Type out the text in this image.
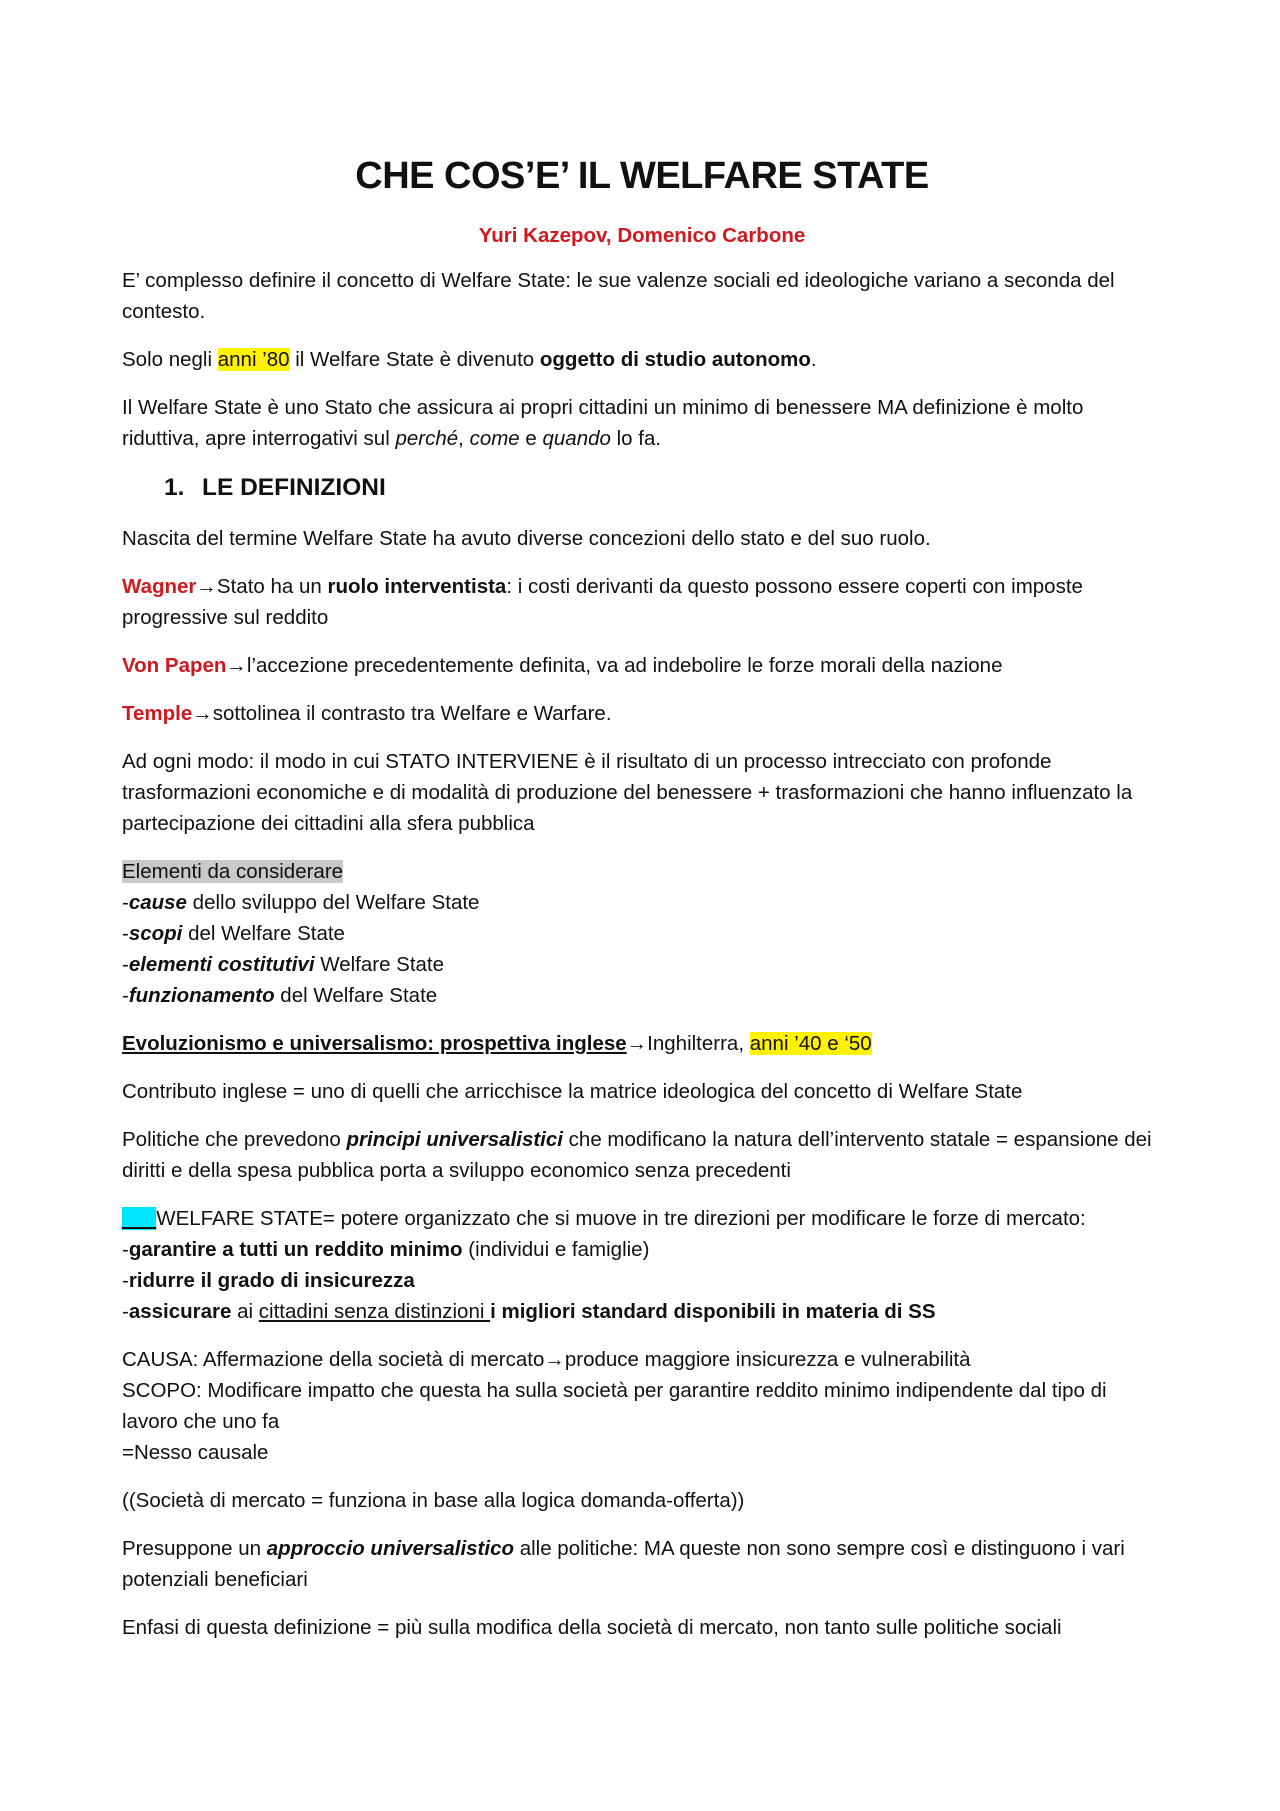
CHE COS’E’ IL WELFARE STATE

Yuri Kazepov, Domenico Carbone

E’ complesso definire il concetto di Welfare State: le sue valenze sociali ed ideologiche variano a seconda del contesto.

Solo negli anni ’80 il Welfare State è divenuto oggetto di studio autonomo.

Il Welfare State è uno Stato che assicura ai propri cittadini un minimo di benessere MA definizione è molto riduttiva, apre interrogativi sul perché, come e quando lo fa.

1. LE DEFINIZIONI

Nascita del termine Welfare State ha avuto diverse concezioni dello stato e del suo ruolo.

Wagner→Stato ha un ruolo interventista: i costi derivanti da questo possono essere coperti con imposte progressive sul reddito

Von Papen→l’accezione precedentemente definita, va ad indebolire le forze morali della nazione

Temple→sottolinea il contrasto tra Welfare e Warfare.

Ad ogni modo: il modo in cui STATO INTERVIENE è il risultato di un processo intrecciato con profonde trasformazioni economiche e di modalità di produzione del benessere + trasformazioni che hanno influenzato la partecipazione dei cittadini alla sfera pubblica

Elementi da considerare

-cause dello sviluppo del Welfare State

-scopi del Welfare State

-elementi costitutivi Welfare State

-funzionamento del Welfare State

Evoluzionismo e universalismo: prospettiva inglese→Inghilterra, anni ’40 e ‘50

Contributo inglese = uno di quelli che arricchisce la matrice ideologica del concetto di Welfare State

Politiche che prevedono principi universalistici che modificano la natura dell’intervento statale = espansione dei diritti e della spesa pubblica porta a sviluppo economico senza precedenti

___WELFARE STATE= potere organizzato che si muove in tre direzioni per modificare le forze di mercato:

-garantire a tutti un reddito minimo (individui e famiglie)

-ridurre il grado di insicurezza

-assicurare ai cittadini senza distinzioni i migliori standard disponibili in materia di SS

CAUSA: Affermazione della società di mercato→produce maggiore insicurezza e vulnerabilità

SCOPO: Modificare impatto che questa ha sulla società per garantire reddito minimo indipendente dal tipo di lavoro che uno fa

=Nesso causale

((Società di mercato = funziona in base alla logica domanda-offerta))

Presuppone un approccio universalistico alle politiche: MA queste non sono sempre così e distinguono i vari potenziali beneficiari

Enfasi di questa definizione = più sulla modifica della società di mercato, non tanto sulle politiche sociali
